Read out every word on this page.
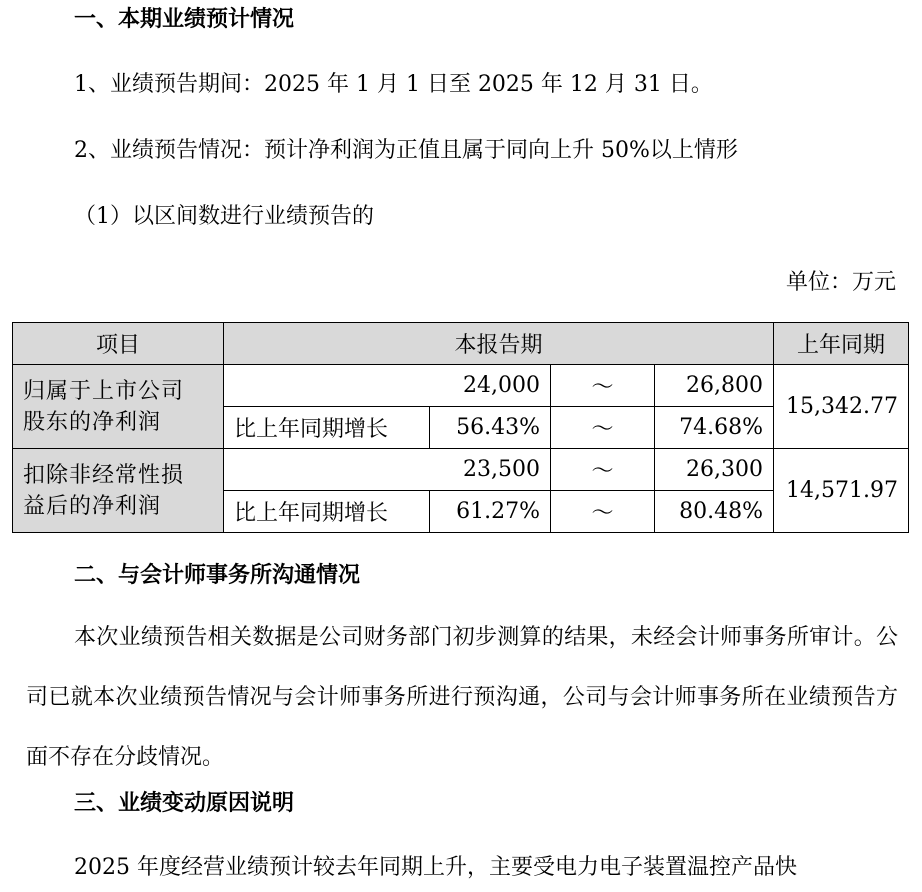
一、本期业绩预计情况

1、业绩预告期间：2025 年 1 月 1 日至 2025 年 12 月 31 日。

2、业绩预告情况：预计净利润为正值且属于同向上升 50%以上情形

（1）以区间数进行业绩预告的

单位：万元
项目	本报告期				上年同期
归属于上市公司
股东的净利润	24,000		～	26,800	15,342.77
	比上年同期增长	56.43%	～	74.68%	
扣除非经常性损
益后的净利润	23,500		～	26,300	14,571.97
	比上年同期增长	61.27%	～	80.48%	
二、与会计师事务所沟通情况

本次业绩预告相关数据是公司财务部门初步测算的结果，未经会计师事务所审计。公司已就本次业绩预告情况与会计师事务所进行预沟通，公司与会计师事务所在业绩预告方面不存在分歧情况。

三、业绩变动原因说明

2025 年度经营业绩预计较去年同期上升，主要受电力电子装置温控产品快
